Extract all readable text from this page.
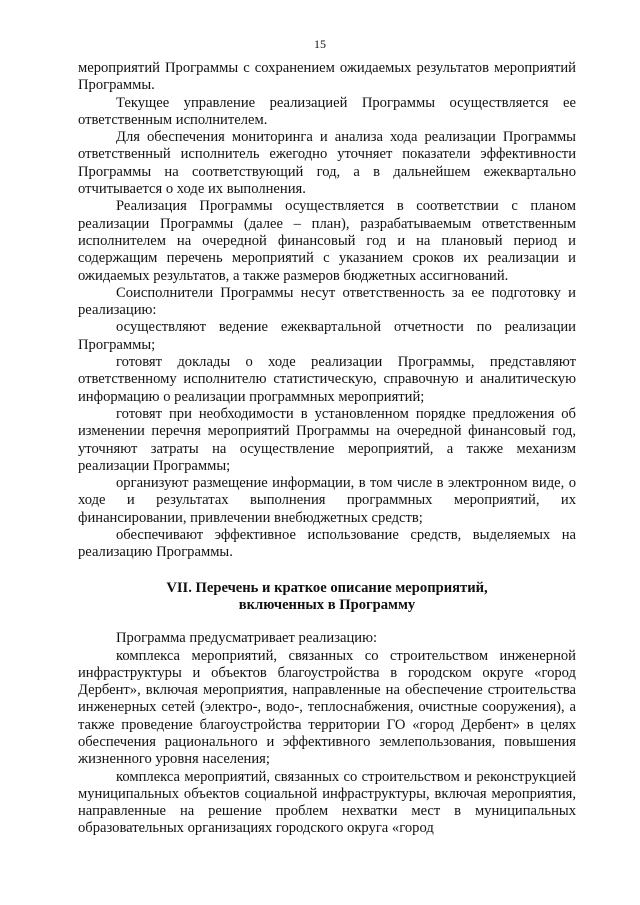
15

мероприятий Программы с сохранением ожидаемых результатов мероприятий Программы.

Текущее управление реализацией Программы осуществляется ее ответственным исполнителем.

Для обеспечения мониторинга и анализа хода реализации Программы ответственный исполнитель ежегодно уточняет показатели эффективности Программы на соответствующий год, а в дальнейшем ежеквартально отчитывается о ходе их выполнения.

Реализация Программы осуществляется в соответствии с планом реализации Программы (далее – план), разрабатываемым ответственным исполнителем на очередной финансовый год и на плановый период и содержащим перечень мероприятий с указанием сроков их реализации и ожидаемых результатов, а также размеров бюджетных ассигнований.

Соисполнители Программы несут ответственность за ее подготовку и реализацию:

осуществляют ведение ежеквартальной отчетности по реализации Программы;

готовят доклады о ходе реализации Программы, представляют ответственному исполнителю статистическую, справочную и аналитическую информацию о реализации программных мероприятий;

готовят при необходимости в установленном порядке предложения об изменении перечня мероприятий Программы на очередной финансовый год, уточняют затраты на осуществление мероприятий, а также механизм реализации Программы;

организуют размещение информации, в том числе в электронном виде, о ходе и результатах выполнения программных мероприятий, их финансировании, привлечении внебюджетных средств;

обеспечивают эффективное использование средств, выделяемых на реализацию Программы.

VII. Перечень и краткое описание мероприятий,
включенных в Программу

Программа предусматривает реализацию:

комплекса мероприятий, связанных со строительством инженерной инфраструктуры и объектов благоустройства в городском округе «город Дербент», включая мероприятия, направленные на обеспечение строительства инженерных сетей (электро-, водо-, теплоснабжения, очистные сооружения), а также проведение благоустройства территории ГО «город Дербент» в целях обеспечения рационального и эффективного землепользования, повышения жизненного уровня населения;

комплекса мероприятий, связанных со строительством и реконструкцией муниципальных объектов социальной инфраструктуры, включая мероприятия, направленные на решение проблем нехватки мест в муниципальных образовательных организациях городского округа «город
